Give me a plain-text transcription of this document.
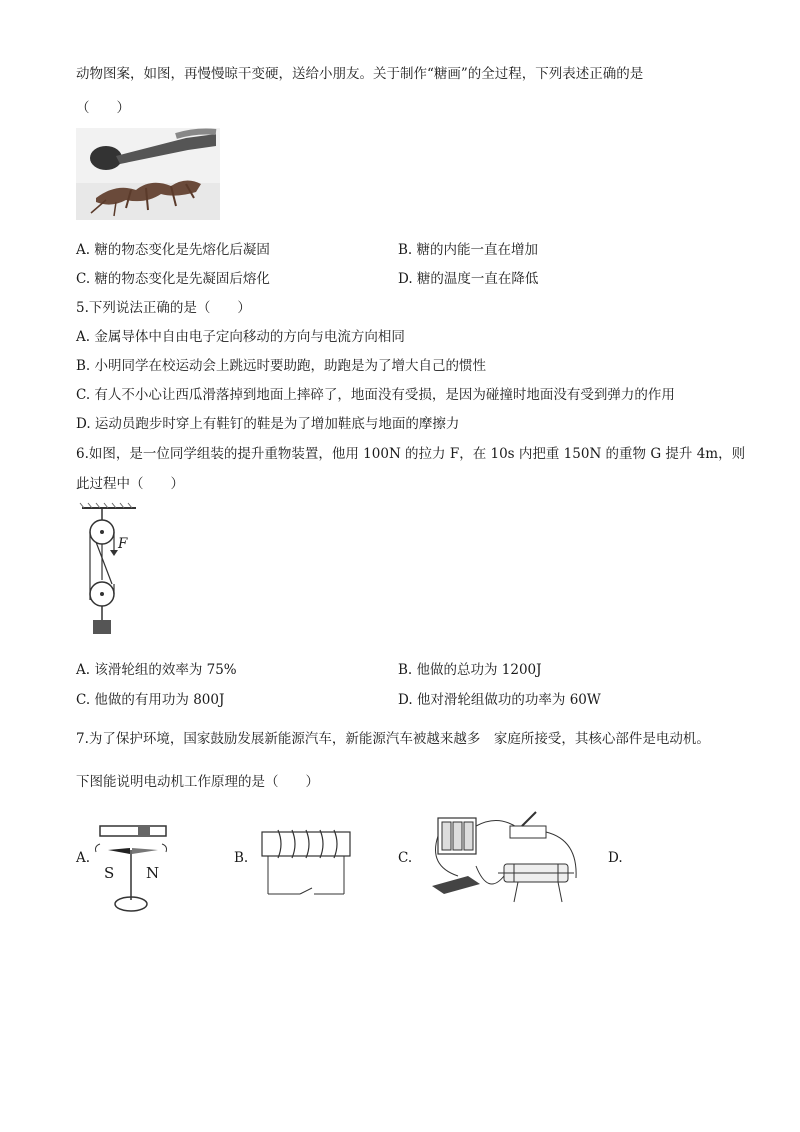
动物图案，如图，再慢慢晾干变硬，送给小朋友。关于制作“糖画”的全过程，下列表述正确的是
（　　）
A. 糖的物态变化是先熔化后凝固	B. 糖的内能一直在增加
C. 糖的物态变化是先凝固后熔化	D. 糖的温度一直在降低
5.下列说法正确的是（　　）
A. 金属导体中自由电子定向移动的方向与电流方向相同
B. 小明同学在校运动会上跳远时要助跑，助跑是为了增大自己的惯性
C. 有人不小心让西瓜滑落掉到地面上摔碎了，地面没有受损，是因为碰撞时地面没有受到弹力的作用
D. 运动员跑步时穿上有鞋钉的鞋是为了增加鞋底与地面的摩擦力
6.如图，是一位同学组装的提升重物装置，他用 100N 的拉力 F，在 10s 内把重 150N 的重物 G 提升 4m，则
此过程中（　　）
F
A. 该滑轮组的效率为 75%	B. 他做的总功为 1200J
C. 他做的有用功为 800J	D. 他对滑轮组做功的功率为 60W
7.为了保护环境，国家鼓励发展新能源汽车，新能源汽车被越来越多　家庭所接受，其核心部件是电动机。
下图能说明电动机工作原理的是（　　）
A.
S N
B.	C.	D.
